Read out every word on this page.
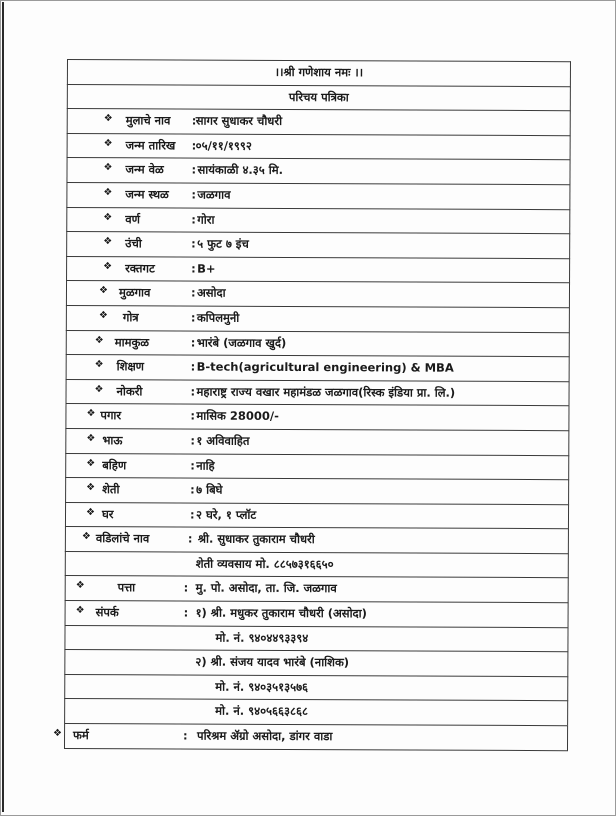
।।श्री गणेशाय नमः ।।
परिचय पत्रिका
❖ मुलाचे नाव : सागर सुधाकर चौधरी
❖ जन्म तारिख : ०५/११/१९९२
❖ जन्म वेळ : सायंकाळी ४.३५ मि.
❖ जन्म स्थळ : जळगाव
❖ वर्ण	: गोरा
❖ उंची	: ५ फुट ७ इंच
❖ रक्तगट	: B+
❖ मुळगाव	: असोदा
❖ गोत्र	: कपिलमुनी
❖ मामकुळ	: भारंबे (जळगाव खुर्द)
❖ शिक्षण	: B-tech(agricultural engineering) & MBA
❖ नोकरी	: महाराष्ट्र राज्य वखार महामंडळ जळगाव(रिस्क इंडिया प्रा. लि.)
❖ पगार	: मासिक 28000/-
❖ भाऊ	: १ अविवाहित
❖ बहिण	: नाहि
❖ शेती	: ७ बिघे
❖ घर	: २ घरे, १ प्लॉट
❖ वडिलांचे नाव	: श्री. सुधाकर तुकाराम चौधरी
शेती व्यवसाय मो. ८८५७३१६६५०
❖	पत्ता	: मु. पो. असोदा, ता. जि. जळगाव
❖ संपर्क	: १) श्री. मधुकर तुकाराम चौधरी (असोदा)
मो. नं. ९४०४४९३३९४
२) श्री. संजय यादव भारंबे (नाशिक)
मो. नं. ९४०३५१३५७६
मो. नं. ९४०५६६३८६८
❖ फर्म	: परिश्रम ॲग्रो असोदा, डांगर वाडा
